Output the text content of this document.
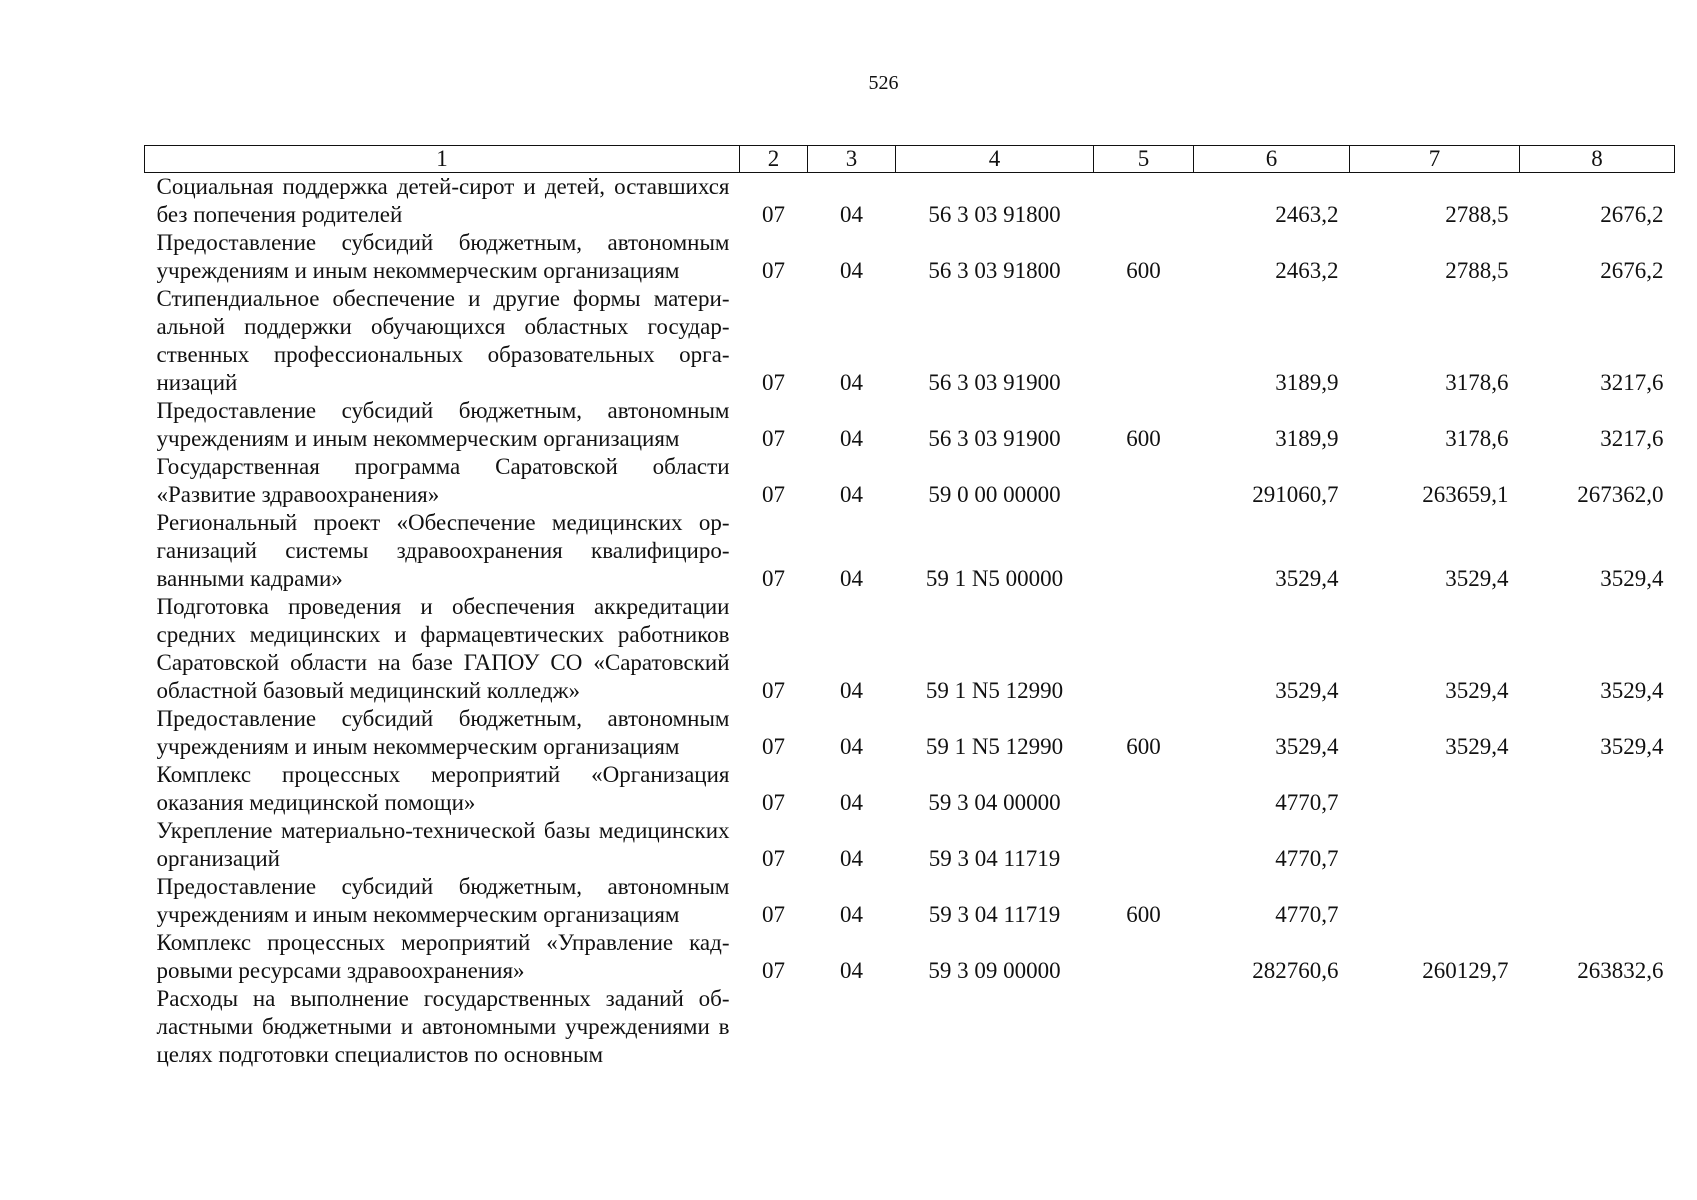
526
1	2	3	4	5	6	7	8
Социальная поддержка детей-сирот и детей, оставшихся без попечения родителей	07	04	56 3 03 91800		2463,2	2788,5	2676,2
Предоставление субсидий бюджетным, автономным учреждениям и иным некоммерческим организациям	07	04	56 3 03 91800	600	2463,2	2788,5	2676,2
Стипендиальное обеспечение и другие формы материальной поддержки обучающихся областных государственных профессиональных образовательных организаций	07	04	56 3 03 91900		3189,9	3178,6	3217,6
Предоставление субсидий бюджетным, автономным учреждениям и иным некоммерческим организациям	07	04	56 3 03 91900	600	3189,9	3178,6	3217,6
Государственная программа Саратовской области «Развитие здравоохранения»	07	04	59 0 00 00000		291060,7	263659,1	267362,0
Региональный проект «Обеспечение медицинских организаций системы здравоохранения квалифицированными кадрами»	07	04	59 1 N5 00000		3529,4	3529,4	3529,4
Подготовка проведения и обеспечения аккредитации средних медицинских и фармацевтических работников Саратовской области на базе ГАПОУ СО «Саратовский областной базовый медицинский колледж»	07	04	59 1 N5 12990		3529,4	3529,4	3529,4
Предоставление субсидий бюджетным, автономным учреждениям и иным некоммерческим организациям	07	04	59 1 N5 12990	600	3529,4	3529,4	3529,4
Комплекс процессных мероприятий «Организация оказания медицинской помощи»	07	04	59 3 04 00000		4770,7		
Укрепление материально-технической базы медицинских организаций	07	04	59 3 04 11719		4770,7		
Предоставление субсидий бюджетным, автономным учреждениям и иным некоммерческим организациям	07	04	59 3 04 11719	600	4770,7		
Комплекс процессных мероприятий «Управление кадровыми ресурсами здравоохранения»	07	04	59 3 09 00000		282760,6	260129,7	263832,6
Расходы на выполнение государственных заданий областными бюджетными и автономными учреждениями в целях подготовки специалистов по основным							
